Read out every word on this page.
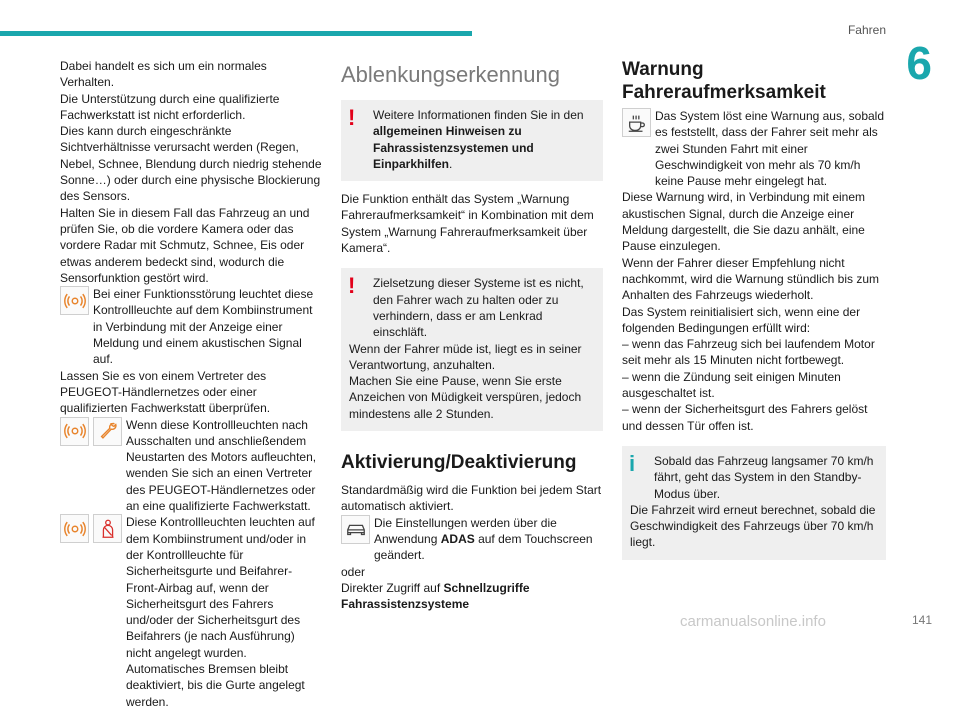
Fahren
6

Dabei handelt es sich um ein normales Verhalten.

Die Unterstützung durch eine qualifizierte Fachwerkstatt ist nicht erforderlich.

Dies kann durch eingeschränkte Sichtverhältnisse verursacht werden (Regen, Nebel, Schnee, Blendung durch niedrig stehende Sonne…) oder durch eine physische Blockierung des Sensors.

Halten Sie in diesem Fall das Fahrzeug an und prüfen Sie, ob die vordere Kamera oder das vordere Radar mit Schmutz, Schnee, Eis oder etwas anderem bedeckt sind, wodurch die Sensorfunktion gestört wird.

Bei einer Funktionsstörung leuchtet diese Kontrollleuchte auf dem Kombiinstrument in Verbindung mit der Anzeige einer Meldung und einem akustischen Signal auf.

Lassen Sie es von einem Vertreter des PEUGEOT-Händlernetzes oder einer qualifizierten Fachwerkstatt überprüfen.

Wenn diese Kontrollleuchten nach Ausschalten und anschließendem Neustarten des Motors aufleuchten, wenden Sie sich an einen Vertreter des PEUGEOT-Händlernetzes oder an eine qualifizierte Fachwerkstatt.

Diese Kontrollleuchten leuchten auf dem Kombiinstrument und/oder in der Kontrollleuchte für Sicherheitsgurte und Beifahrer-Front-Airbag auf, wenn der Sicherheitsgurt des Fahrers und/oder der Sicherheitsgurt des Beifahrers (je nach Ausführung) nicht angelegt wurden. Automatisches Bremsen bleibt deaktiviert, bis die Gurte angelegt werden.

Ablenkungserkennung
!	Weitere Informationen finden Sie in den allgemeinen Hinweisen zu Fahrassistenzsystemen und Einparkhilfen.

Die Funktion enthält das System „Warnung Fahreraufmerksamkeit“ in Kombination mit dem System „Warnung Fahreraufmerksamkeit über Kamera“.

!	Zielsetzung dieser Systeme ist es nicht, den Fahrer wach zu halten oder zu verhindern, dass er am Lenkrad einschläft.

Wenn der Fahrer müde ist, liegt es in seiner Verantwortung, anzuhalten.

Machen Sie eine Pause, wenn Sie erste Anzeichen von Müdigkeit verspüren, jedoch mindestens alle 2 Stunden.

Aktivierung/Deaktivierung

Standardmäßig wird die Funktion bei jedem Start automatisch aktiviert.

Die Einstellungen werden über die Anwendung ADAS auf dem Touchscreen geändert.

oder

Direkter Zugriff auf Schnellzugriffe Fahrassistenzsysteme

Warnung Fahreraufmerksamkeit

Das System löst eine Warnung aus, sobald es feststellt, dass der Fahrer seit mehr als zwei Stunden Fahrt mit einer Geschwindigkeit von mehr als 70 km/h keine Pause mehr eingelegt hat.

Diese Warnung wird, in Verbindung mit einem akustischen Signal, durch die Anzeige einer Meldung dargestellt, die Sie dazu anhält, eine Pause einzulegen.

Wenn der Fahrer dieser Empfehlung nicht nachkommt, wird die Warnung stündlich bis zum Anhalten des Fahrzeugs wiederholt.

Das System reinitialisiert sich, wenn eine der folgenden Bedingungen erfüllt wird:

– wenn das Fahrzeug sich bei laufendem Motor seit mehr als 15 Minuten nicht fortbewegt.

– wenn die Zündung seit einigen Minuten ausgeschaltet ist.

– wenn der Sicherheitsgurt des Fahrers gelöst und dessen Tür offen ist.

i	Sobald das Fahrzeug langsamer 70 km/h fährt, geht das System in den Standby-Modus über.

Die Fahrzeit wird erneut berechnet, sobald die Geschwindigkeit des Fahrzeugs über 70 km/h liegt.

carmanualsonline.info	141
